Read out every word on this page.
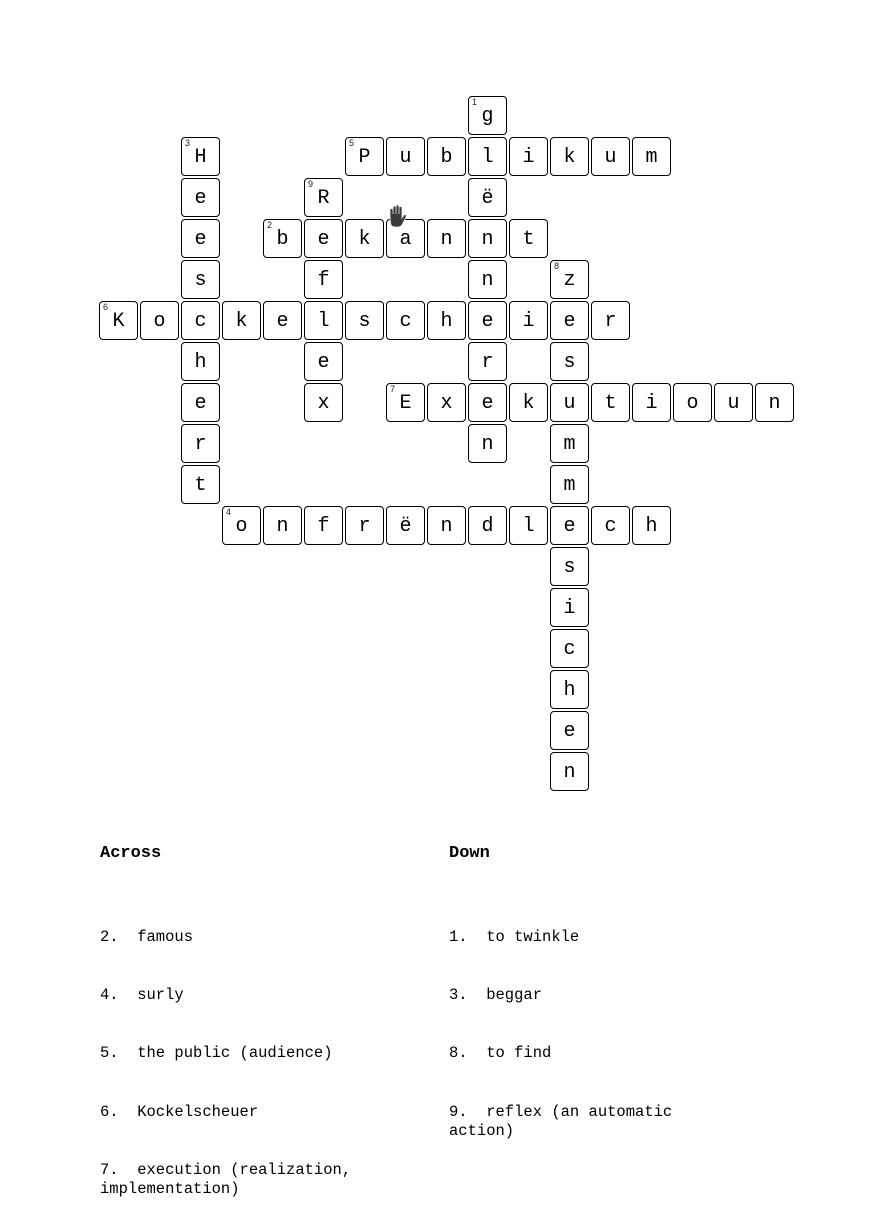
1
g
l
ë
n
n
e
r
e
n
2
b e k a n	t
3
H
e
e
s
c
h
e
r
t
4
o n f r ë n d l e c h
5
P u b	i k u m
6
K o	k e l s c h	i e r
7
E x	k u t i o u n
8
z
s
m
m
s
i
c
h
e
n
9
R
f
e
x

Across

2.  famous

4.  surly

5.  the public (audience)

6.  Kockelscheuer

7.  execution (realization, implementation)

Down

1.  to twinkle

3.  beggar

8.  to find

9.  reflex (an automatic action)
